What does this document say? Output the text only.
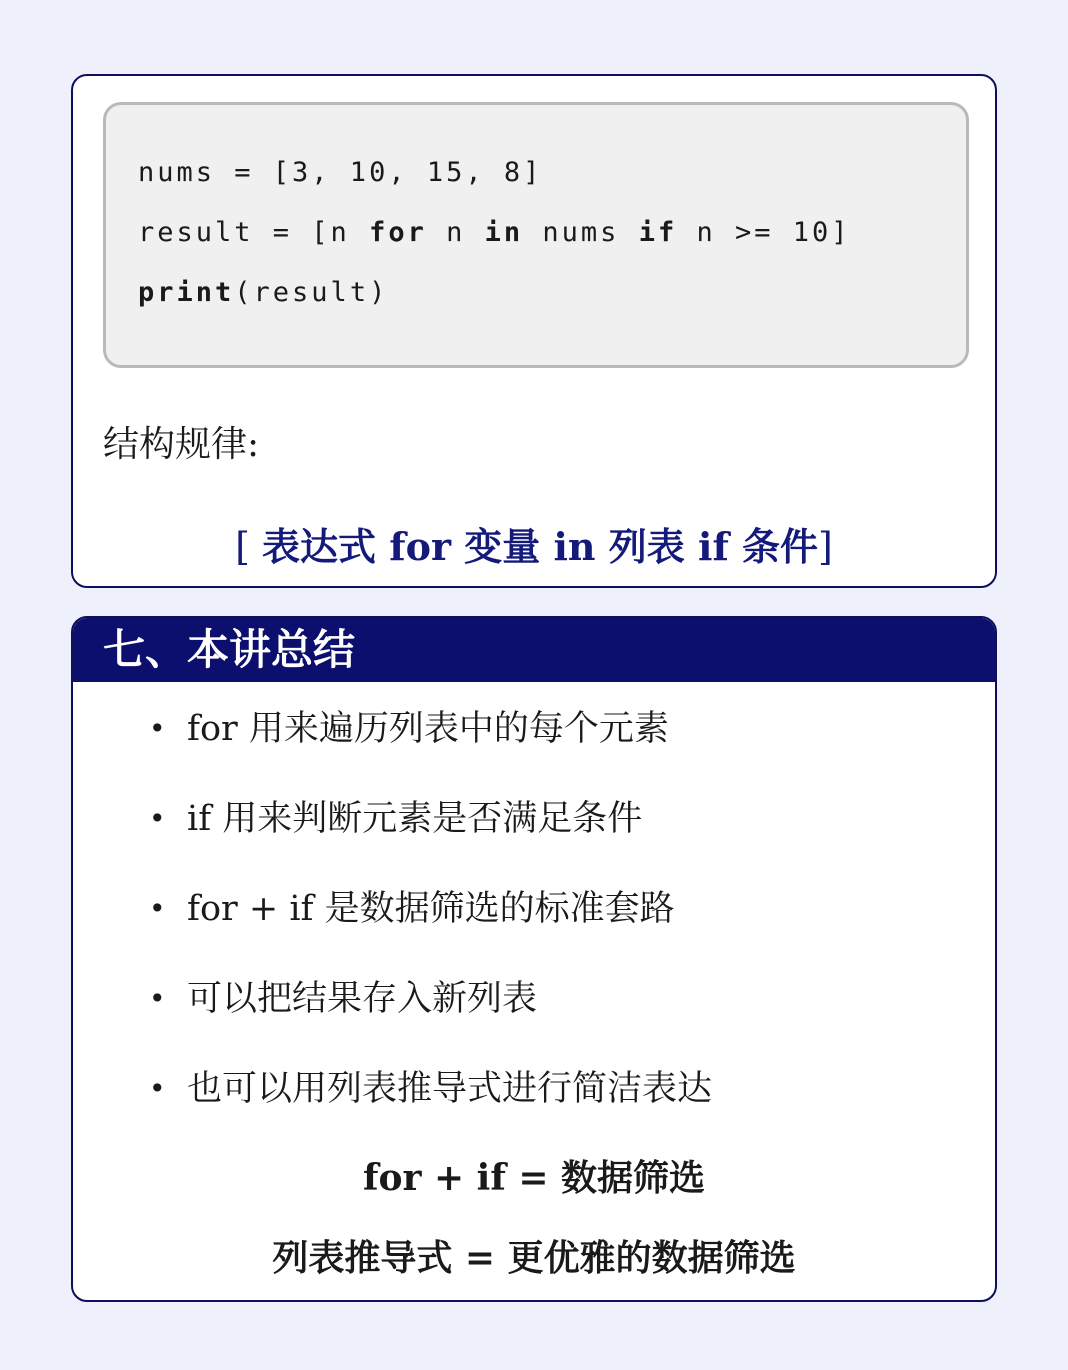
nums = [3, 10, 15, 8]
result = [n for n in nums if n >= 10]
print(result)
结构规律:
[ 表达式 for 变量 in 列表 if 条件]
七、本讲总结
• for 用来遍历列表中的每个元素
• if 用来判断元素是否满足条件
• for + if 是数据筛选的标准套路
• 可以把结果存入新列表
• 也可以用列表推导式进行简洁表达
for + if = 数据筛选
列表推导式 = 更优雅的数据筛选
